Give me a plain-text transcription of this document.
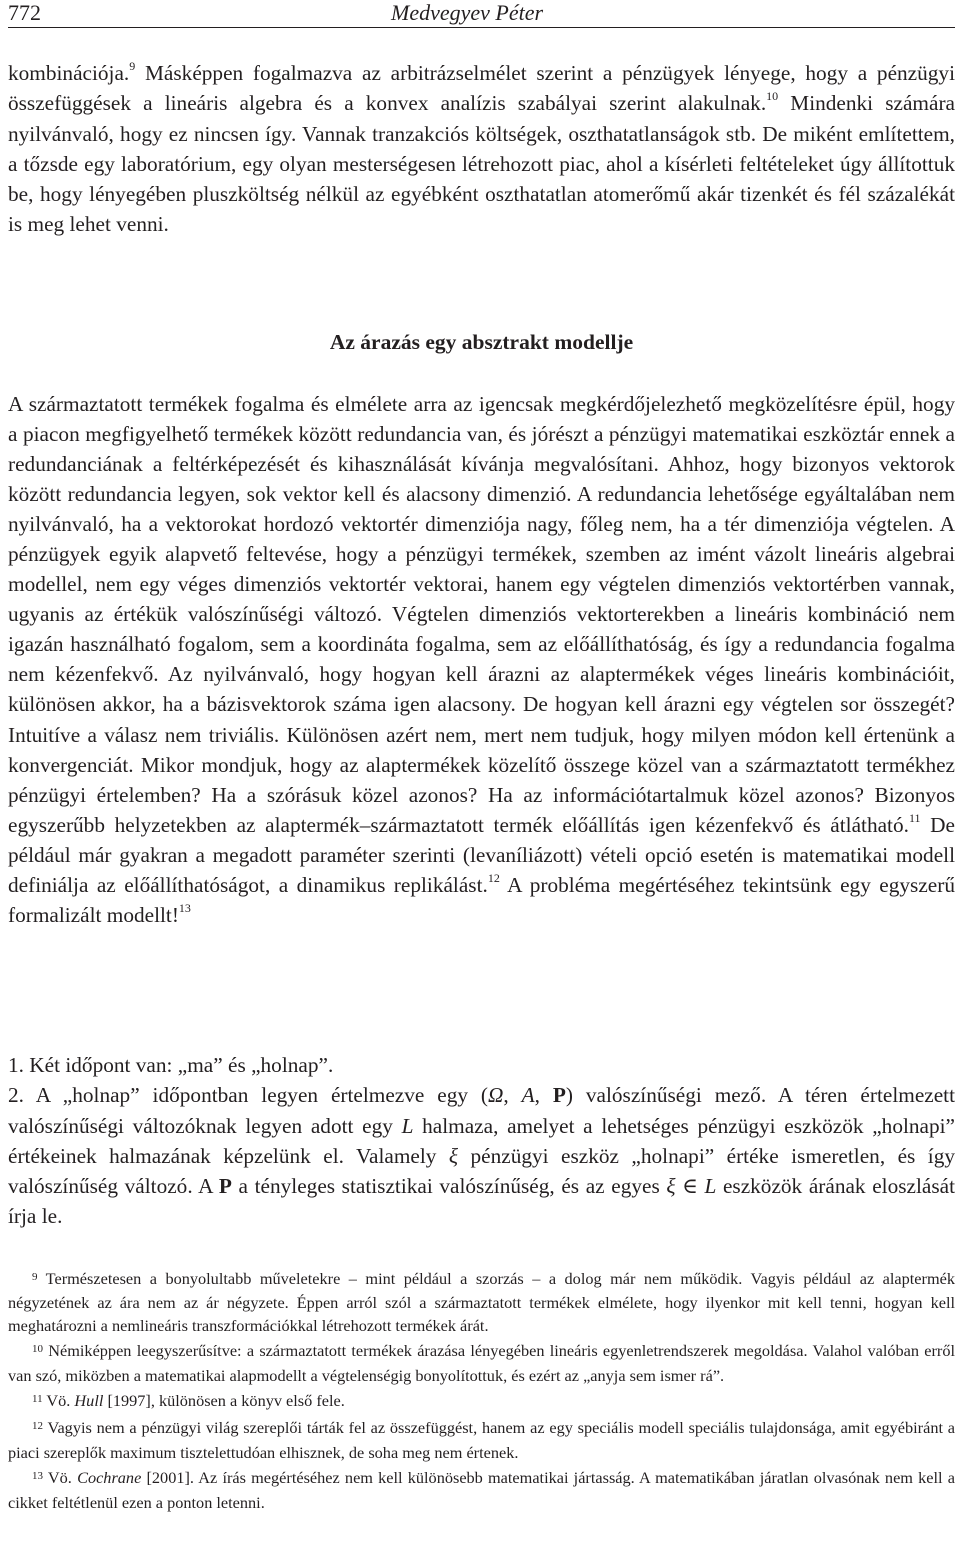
772	Medvegyev Péter

kombinációja.$^9$ Másképpen fogalmazva az arbitrázselmélet szerint a pénzügyek lényege, hogy a pénzügyi összefüggések a lineáris algebra és a konvex analízis szabályai szerint alakulnak.$^{10}$ Mindenki számára nyilvánvaló, hogy ez nincsen így. Vannak tranzakciós költségek, oszthatatlanságok stb. De miként említettem, a tőzsde egy laboratórium, egy olyan mesterségesen létrehozott piac, ahol a kísérleti feltételeket úgy állítottuk be, hogy lényegében pluszköltség nélkül az egyébként oszthatatlan atomerőmű akár tizenkét és fél százalékát is meg lehet venni.

Az árazás egy absztrakt modellje

A származtatott termékek fogalma és elmélete arra az igencsak megkérdőjelezhető megközelítésre épül, hogy a piacon megfigyelhető termékek között redundancia van, és jórészt a pénzügyi matematikai eszköztár ennek a redundanciának a feltérképezését és kihasználását kívánja megvalósítani. Ahhoz, hogy bizonyos vektorok között redundancia legyen, sok vektor kell és alacsony dimenzió. A redundancia lehetősége egyáltalában nem nyilvánvaló, ha a vektorokat hordozó vektortér dimenziója nagy, főleg nem, ha a tér dimenziója végtelen. A pénzügyek egyik alapvető feltevése, hogy a pénzügyi termékek, szemben az imént vázolt lineáris algebrai modellel, nem egy véges dimenziós vektortér vektorai, hanem egy végtelen dimenziós vektortérben vannak, ugyanis az értékük valószínűségi változó. Végtelen dimenziós vektorterekben a lineáris kombináció nem igazán használható fogalom, sem a koordináta fogalma, sem az előállíthatóság, és így a redundancia fogalma nem kézenfekvő. Az nyilvánvaló, hogy hogyan kell árazni az alaptermékek véges lineáris kombinációit, különösen akkor, ha a bázisvektorok száma igen alacsony. De hogyan kell árazni egy végtelen sor összegét? Intuitíve a válasz nem triviális. Különösen azért nem, mert nem tudjuk, hogy milyen módon kell értenünk a konvergenciát. Mikor mondjuk, hogy az alaptermékek közelítő összege közel van a származtatott termékhez pénzügyi értelemben? Ha a szórásuk közel azonos? Ha az információtartalmuk közel azonos? Bizonyos egyszerűbb helyzetekben az alaptermék–származtatott termék előállítás igen kézenfekvő és átlátható.$^{11}$ De például már gyakran a megadott paraméter szerinti (levaníliázott) vételi opció esetén is matematikai modell definiálja az előállíthatóságot, a dinamikus replikálást.$^{12}$ A probléma megértéséhez tekintsünk egy egyszerű formalizált modellt!$^{13}$

1. Két időpont van: „ma” és „holnap”.

2. A „holnap” időpontban legyen értelmezve egy (Ω, A, P) valószínűségi mező. A téren értelmezett valószínűségi változóknak legyen adott egy L halmaza, amelyet a lehetséges pénzügyi eszközök „holnapi” értékeinek halmazának képzelünk el. Valamely ξ pénzügyi eszköz „holnapi” értéke ismeretlen, és így valószínűség változó. A P a tényleges statisztikai valószínűség, és az egyes ξ ∈ L eszközök árának eloszlását írja le.

$^9$ Természetesen a bonyolultabb műveletekre – mint például a szorzás – a dolog már nem működik. Vagyis például az alaptermék négyzetének az ára nem az ár négyzete. Éppen arról szól a származtatott termékek elmélete, hogy ilyenkor mit kell tenni, hogyan kell meghatározni a nemlineáris transzformációkkal létrehozott termékek árát.

$^{10}$ Némiképpen leegyszerűsítve: a származtatott termékek árazása lényegében lineáris egyenletrendszerek megoldása. Valahol valóban erről van szó, miközben a matematikai alapmodellt a végtelenségig bonyolítottuk, és ezért az „anyja sem ismer rá”.

$^{11}$ Vö. Hull [1997], különösen a könyv első fele.

$^{12}$ Vagyis nem a pénzügyi világ szereplői tárták fel az összefüggést, hanem az egy speciális modell speciális tulajdonsága, amit egyébiránt a piaci szereplők maximum tisztelettudóan elhisznek, de soha meg nem értenek.

$^{13}$ Vö. Cochrane [2001]. Az írás megértéséhez nem kell különösebb matematikai jártasság. A matematikában járatlan olvasónak nem kell a cikket feltétlenül ezen a ponton letenni.
